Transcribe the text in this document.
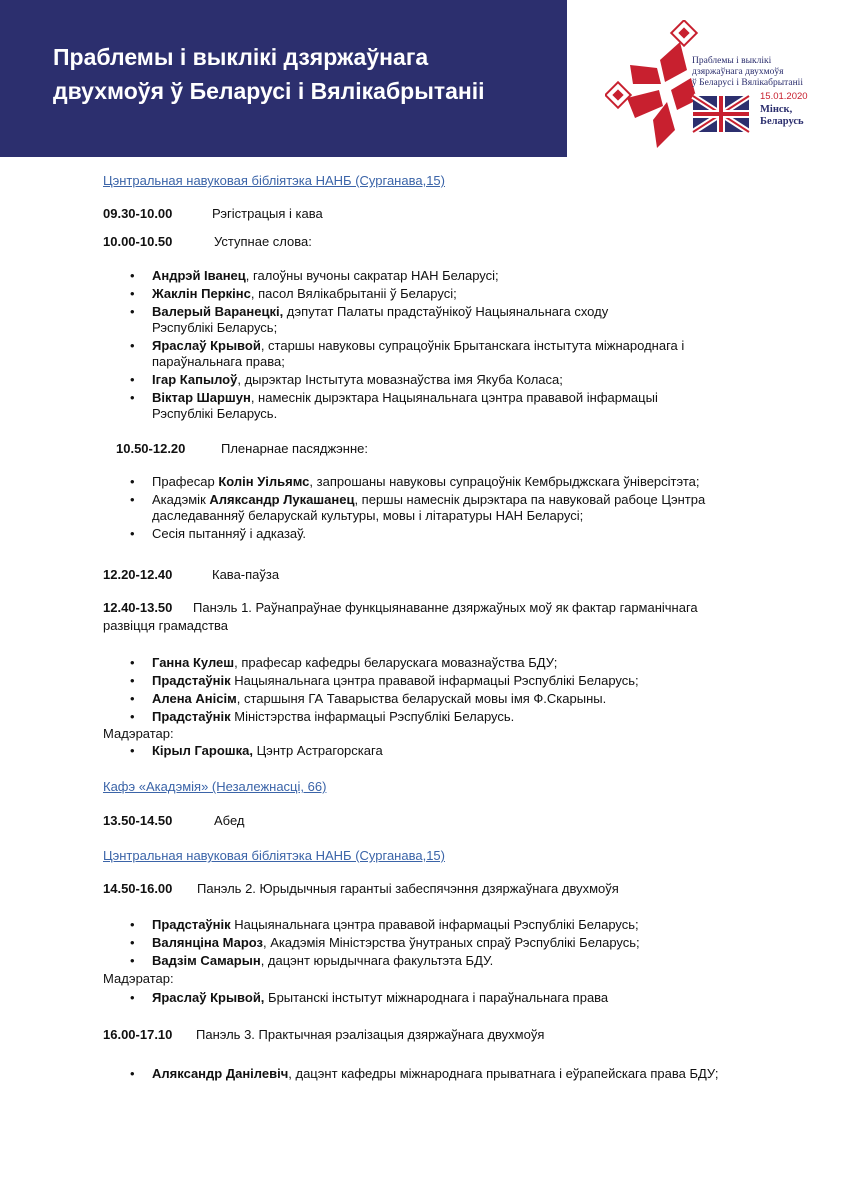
Праблемы і выклікі дзяржаўнага
двухмоўя ў Беларусі і Вялікабрытаніі

Праблемы і выклікі
дзяржаўнага двухмоўя
ў Беларусі і Вялікабрытаніі
15.01.2020
Мінск,
Беларусь
Цэнтральная навуковая бібліятэка НАНБ (Сурганава,15)
09.30-10.00	Рэгістрацыя і кава
10.00-10.50	Уступнае слова:
• Андрэй Іванец, галоўны вучоны сакратар НАН Беларусі;
• Жаклін Перкінс, пасол Вялікабрытаніі ў Беларусі;
• Валерый Варанецкі, дэпутат Палаты прадстаўнікоў Нацыянальнага сходу
Рэспублікі Беларусь;
• Яраслаў Крывой, старшы навуковы супрацоўнік Брытанскага інстытута міжнароднага і
параўнальнага права;
• Ігар Капылоў, дырэктар Інстытута мовазнаўства імя Якуба Коласа;
• Віктар Шаршун, намеснік дырэктара Нацыянальнага цэнтра прававой інфармацыі
Рэспублікі Беларусь.
10.50-12.20	Пленарнае пасяджэнне:
• Прафесар Колін Уільямс, запрошаны навуковы супрацоўнік Кембрыджскага ўніверсітэта;
• Акадэмік Аляксандр Лукашанец, першы намеснік дырэктара па навуковай рабоце Цэнтра
даследаванняў беларускай культуры, мовы і літаратуры НАН Беларусі;
• Сесія пытанняў і адказаў.
12.20-12.40	Кава-паўза
12.40-13.50 Панэль 1. Раўнапраўнае функцыянаванне дзяржаўных моў як фактар гарманічнага
развіцця грамадства
• Ганна Кулеш, прафесар кафедры беларускага мовазнаўства БДУ;
• Прадстаўнік Нацыянальнага цэнтра прававой інфармацыі Рэспублікі Беларусь;
• Алена Анісім, старшыня ГА Таварыства беларускай мовы імя Ф.Скарыны.
• Прадстаўнік Міністэрства інфармацыі Рэспублікі Беларусь.
Мадэратар:
• Кірыл Гарошка, Цэнтр Астрагорскага
Кафэ «Акадэмія» (Незалежнасці, 66)
13.50-14.50	Абед
Цэнтральная навуковая бібліятэка НАНБ (Сурганава,15)
14.50-16.00 Панэль 2. Юрыдычныя гарантыі забеспячэння дзяржаўнага двухмоўя
• Прадстаўнік Нацыянальнага цэнтра прававой інфармацыі Рэспублікі Беларусь;
• Валянціна Мароз, Акадэмія Міністэрства ўнутраных спраў Рэспублікі Беларусь;
• Вадзім Самарын, дацэнт юрыдычнага факультэта БДУ.
Мадэратар:
• Яраслаў Крывой, Брытанскі інстытут міжнароднага і параўнальнага права
16.00-17.10 Панэль 3. Практычная рэалізацыя дзяржаўнага двухмоўя
• Аляксандр Данілевіч, дацэнт кафедры міжнароднага прыватнага і еўрапейскага права БДУ;
